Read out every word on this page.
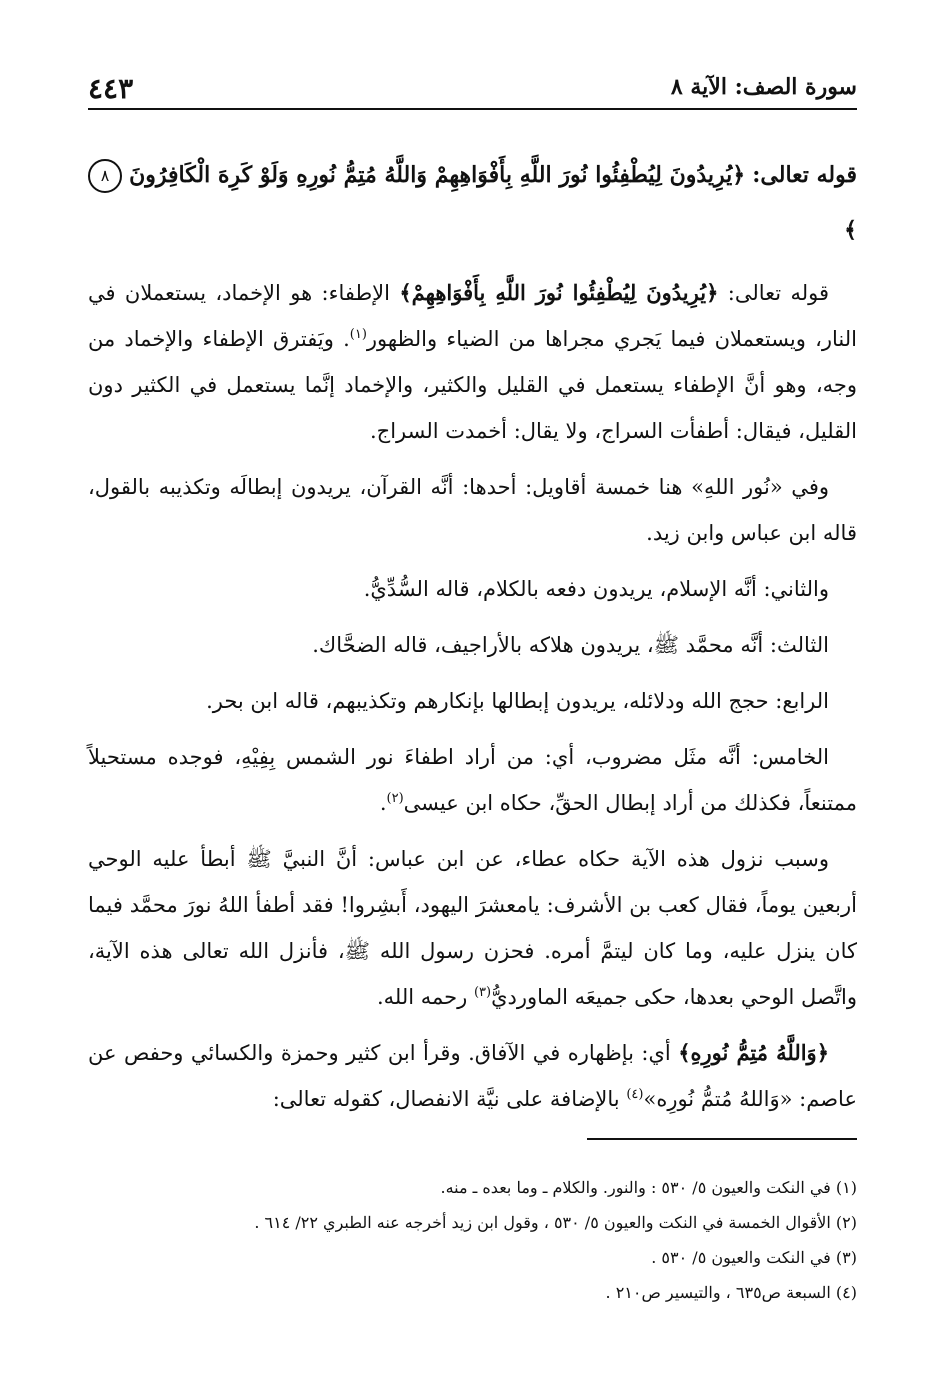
سورة الصف: الآية ٨
٤٤٣

قوله تعالى: ﴿يُرِيدُونَ لِيُطْفِئُوا نُورَ اللَّهِ بِأَفْوَاهِهِمْ وَاللَّهُ مُتِمُّ نُورِهِ وَلَوْ كَرِهَ الْكَافِرُونَ ٨﴾

قوله تعالى: ﴿يُرِيدُونَ لِيُطْفِئُوا نُورَ اللَّهِ بِأَفْوَاهِهِمْ﴾ الإطفاء: هو الإخماد، يستعملان في النار، ويستعملان فيما يَجري مجراها من الضياء والظهور$^{(١)}$. ويَفترق الإطفاء والإخماد من وجه، وهو أنَّ الإطفاء يستعمل في القليل والكثير، والإخماد إنَّما يستعمل في الكثير دون القليل، فيقال: أطفأت السراج، ولا يقال: أخمدت السراج.

وفي «نُور اللهِ» هنا خمسة أقاويل: أحدها: أنَّه القرآن، يريدون إبطالَه وتكذيبه بالقول، قاله ابن عباس وابن زيد.

والثاني: أنَّه الإسلام، يريدون دفعه بالكلام، قاله السُّدِّيُّ.

الثالث: أنَّه محمَّد ﷺ، يريدون هلاكه بالأراجيف، قاله الضحَّاك.

الرابع: حجج الله ودلائله، يريدون إبطالها بإنكارهم وتكذيبهم، قاله ابن بحر.

الخامس: أنَّه مثَل مضروب، أي: من أراد اطفاءَ نور الشمس بِفِيْهِ، فوجده مستحيلاً ممتنعاً، فكذلك من أراد إبطال الحقِّ، حكاه ابن عيسى$^{(٢)}$.

وسبب نزول هذه الآية حكاه عطاء، عن ابن عباس: أنَّ النبيَّ ﷺ أبطأ عليه الوحي أربعين يوماً، فقال كعب بن الأشرف: يامعشرَ اليهود، أَبشِروا! فقد أطفأ اللهُ نورَ محمَّد فيما كان ينزل عليه، وما كان ليتمَّ أمره. فحزن رسول الله ﷺ، فأنزل الله تعالى هذه الآية، واتَّصل الوحي بعدها، حكى جميعَه الماورديُّ$^{(٣)}$ رحمه الله.

﴿وَاللَّهُ مُتِمُّ نُورِهِ﴾ أي: بإظهاره في الآفاق. وقرأ ابن كثير وحمزة والكسائي وحفص عن عاصم: «وَاللهُ مُتمُّ نُورِه»$^{(٤)}$ بالإضافة على نيَّة الانفصال، كقوله تعالى:

(١) في النكت والعيون ٥/ ٥٣٠ : والنور. والكلام ـ وما بعده ـ منه.

(٢) الأقوال الخمسة في النكت والعيون ٥/ ٥٣٠ ، وقول ابن زيد أخرجه عنه الطبري ٢٢/ ٦١٤ .

(٣) في النكت والعيون ٥/ ٥٣٠ .

(٤) السبعة ص٦٣٥ ، والتيسير ص٢١٠ .
